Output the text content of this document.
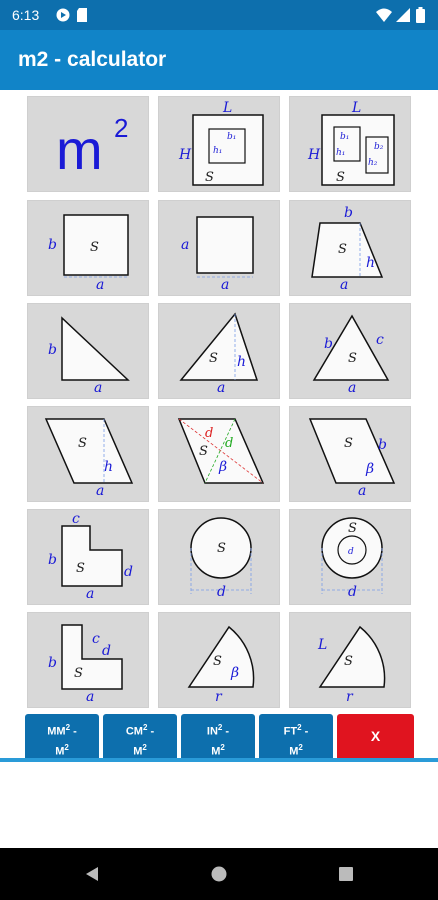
6:13
m2 - calculator
m 2
L
H
S
b₁
h₁
L
H
S
b₁
h₁
b₂
h₂
S
b
a
a
a
b
S
h
a
b
a
S h
a
b	c
S
a
S
h
a
d
d
S
β
S b
β
a
c
b
S	d
a
S
d
S
d
d
c
d
b
S
a
S
β
r
L
S
r
$MM^2$ -
$M^2$
$CM^2$ -
$M^2$
$IN^2$ -
$M^2$
$FT^2$ -
$M^2$
X
